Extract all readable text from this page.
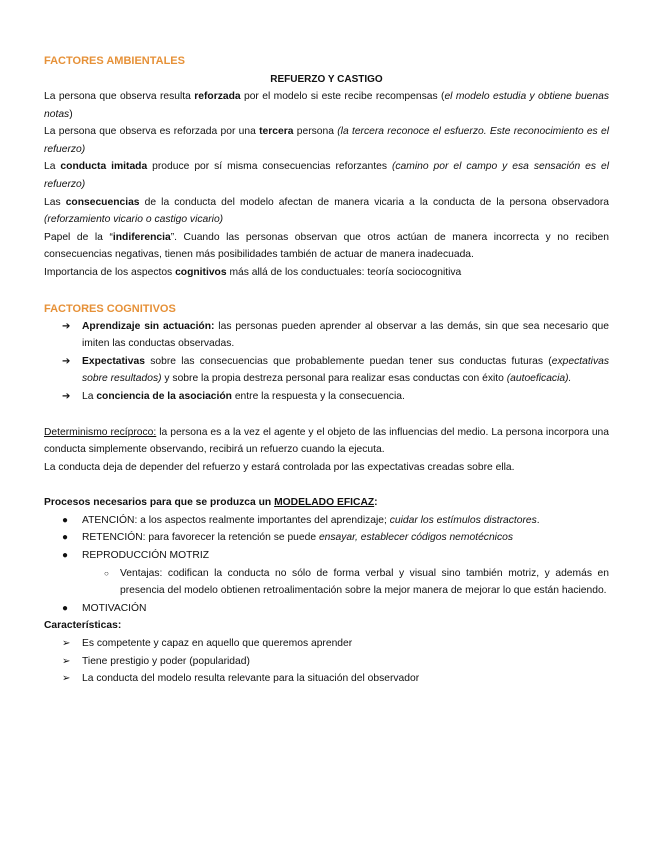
FACTORES AMBIENTALES
REFUERZO Y CASTIGO

La persona que observa resulta reforzada por el modelo si este recibe recompensas (el modelo estudia y obtiene buenas notas)

La persona que observa es reforzada por una tercera persona (la tercera reconoce el esfuerzo. Este reconocimiento es el refuerzo)

La conducta imitada produce por sí misma consecuencias reforzantes (camino por el campo y esa sensación es el refuerzo)

Las consecuencias de la conducta del modelo afectan de manera vicaria a la conducta de la persona observadora (reforzamiento vicario o castigo vicario)

Papel de la “indiferencia”. Cuando las personas observan que otros actúan de manera incorrecta y no reciben consecuencias negativas, tienen más posibilidades también de actuar de manera inadecuada.

Importancia de los aspectos cognitivos más allá de los conductuales: teoría sociocognitiva

FACTORES COGNITIVOS
➔ Aprendizaje sin actuación: las personas pueden aprender al observar a las demás, sin que sea necesario que imiten las conductas observadas.
➔ Expectativas sobre las consecuencias que probablemente puedan tener sus conductas futuras (expectativas sobre resultados) y sobre la propia destreza personal para realizar esas conductas con éxito (autoeficacia).
➔ La conciencia de la asociación entre la respuesta y la consecuencia.

Determinismo recíproco: la persona es a la vez el agente y el objeto de las influencias del medio. La persona incorpora una conducta simplemente observando, recibirá un refuerzo cuando la ejecuta.

La conducta deja de depender del refuerzo y estará controlada por las expectativas creadas sobre ella.

Procesos necesarios para que se produzca un MODELADO EFICAZ:

● ATENCIÓN: a los aspectos realmente importantes del aprendizaje; cuidar los estímulos distractores.
● RETENCIÓN: para favorecer la retención se puede ensayar, establecer códigos nemotécnicos
● REPRODUCCIÓN MOTRIZ
○ Ventajas: codifican la conducta no sólo de forma verbal y visual sino también motriz, y además en presencia del modelo obtienen retroalimentación sobre la mejor manera de mejorar lo que están haciendo.
● MOTIVACIÓN

Características:

➢ Es competente y capaz en aquello que queremos aprender
➢ Tiene prestigio y poder (popularidad)
➢ La conducta del modelo resulta relevante para la situación del observador
